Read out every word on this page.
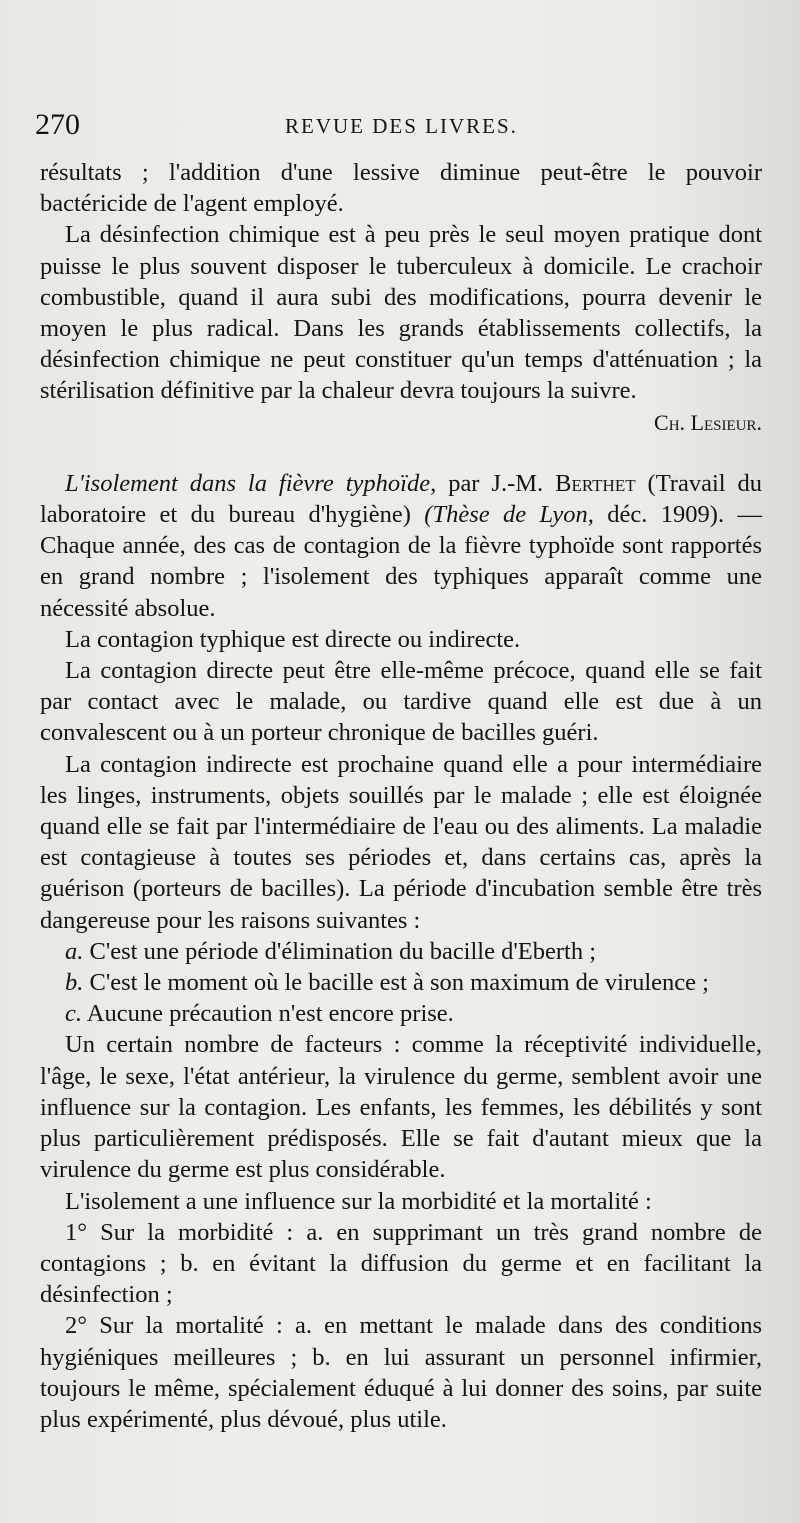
270	REVUE DES LIVRES.

résultats ; l'addition d'une lessive diminue peut-être le pouvoir bactéricide de l'agent employé.

La désinfection chimique est à peu près le seul moyen pratique dont puisse le plus souvent disposer le tuberculeux à domicile. Le crachoir combustible, quand il aura subi des modifications, pourra devenir le moyen le plus radical. Dans les grands établissements collectifs, la désinfection chimique ne peut constituer qu'un temps d'atténuation ; la stérilisation définitive par la chaleur devra toujours la suivre.

Ch. Lesieur.

L'isolement dans la fièvre typhoïde, par J.-M. Berthet (Travail du laboratoire et du bureau d'hygiène) (Thèse de Lyon, déc. 1909). — Chaque année, des cas de contagion de la fièvre typhoïde sont rapportés en grand nombre ; l'isolement des typhiques apparaît comme une nécessité absolue.

La contagion typhique est directe ou indirecte.

La contagion directe peut être elle-même précoce, quand elle se fait par contact avec le malade, ou tardive quand elle est due à un convalescent ou à un porteur chronique de bacilles guéri.

La contagion indirecte est prochaine quand elle a pour intermédiaire les linges, instruments, objets souillés par le malade ; elle est éloignée quand elle se fait par l'intermédiaire de l'eau ou des aliments. La maladie est contagieuse à toutes ses périodes et, dans certains cas, après la guérison (porteurs de bacilles). La période d'incubation semble être très dangereuse pour les raisons suivantes :

a. C'est une période d'élimination du bacille d'Eberth ;

b. C'est le moment où le bacille est à son maximum de virulence ;

c. Aucune précaution n'est encore prise.

Un certain nombre de facteurs : comme la réceptivité individuelle, l'âge, le sexe, l'état antérieur, la virulence du germe, semblent avoir une influence sur la contagion. Les enfants, les femmes, les débilités y sont plus particulièrement prédisposés. Elle se fait d'autant mieux que la virulence du germe est plus considérable.

L'isolement a une influence sur la morbidité et la mortalité :

1° Sur la morbidité : a. en supprimant un très grand nombre de contagions ; b. en évitant la diffusion du germe et en facilitant la désinfection ;

2° Sur la mortalité : a. en mettant le malade dans des conditions hygiéniques meilleures ; b. en lui assurant un personnel infirmier, toujours le même, spécialement éduqué à lui donner des soins, par suite plus expérimenté, plus dévoué, plus utile.
